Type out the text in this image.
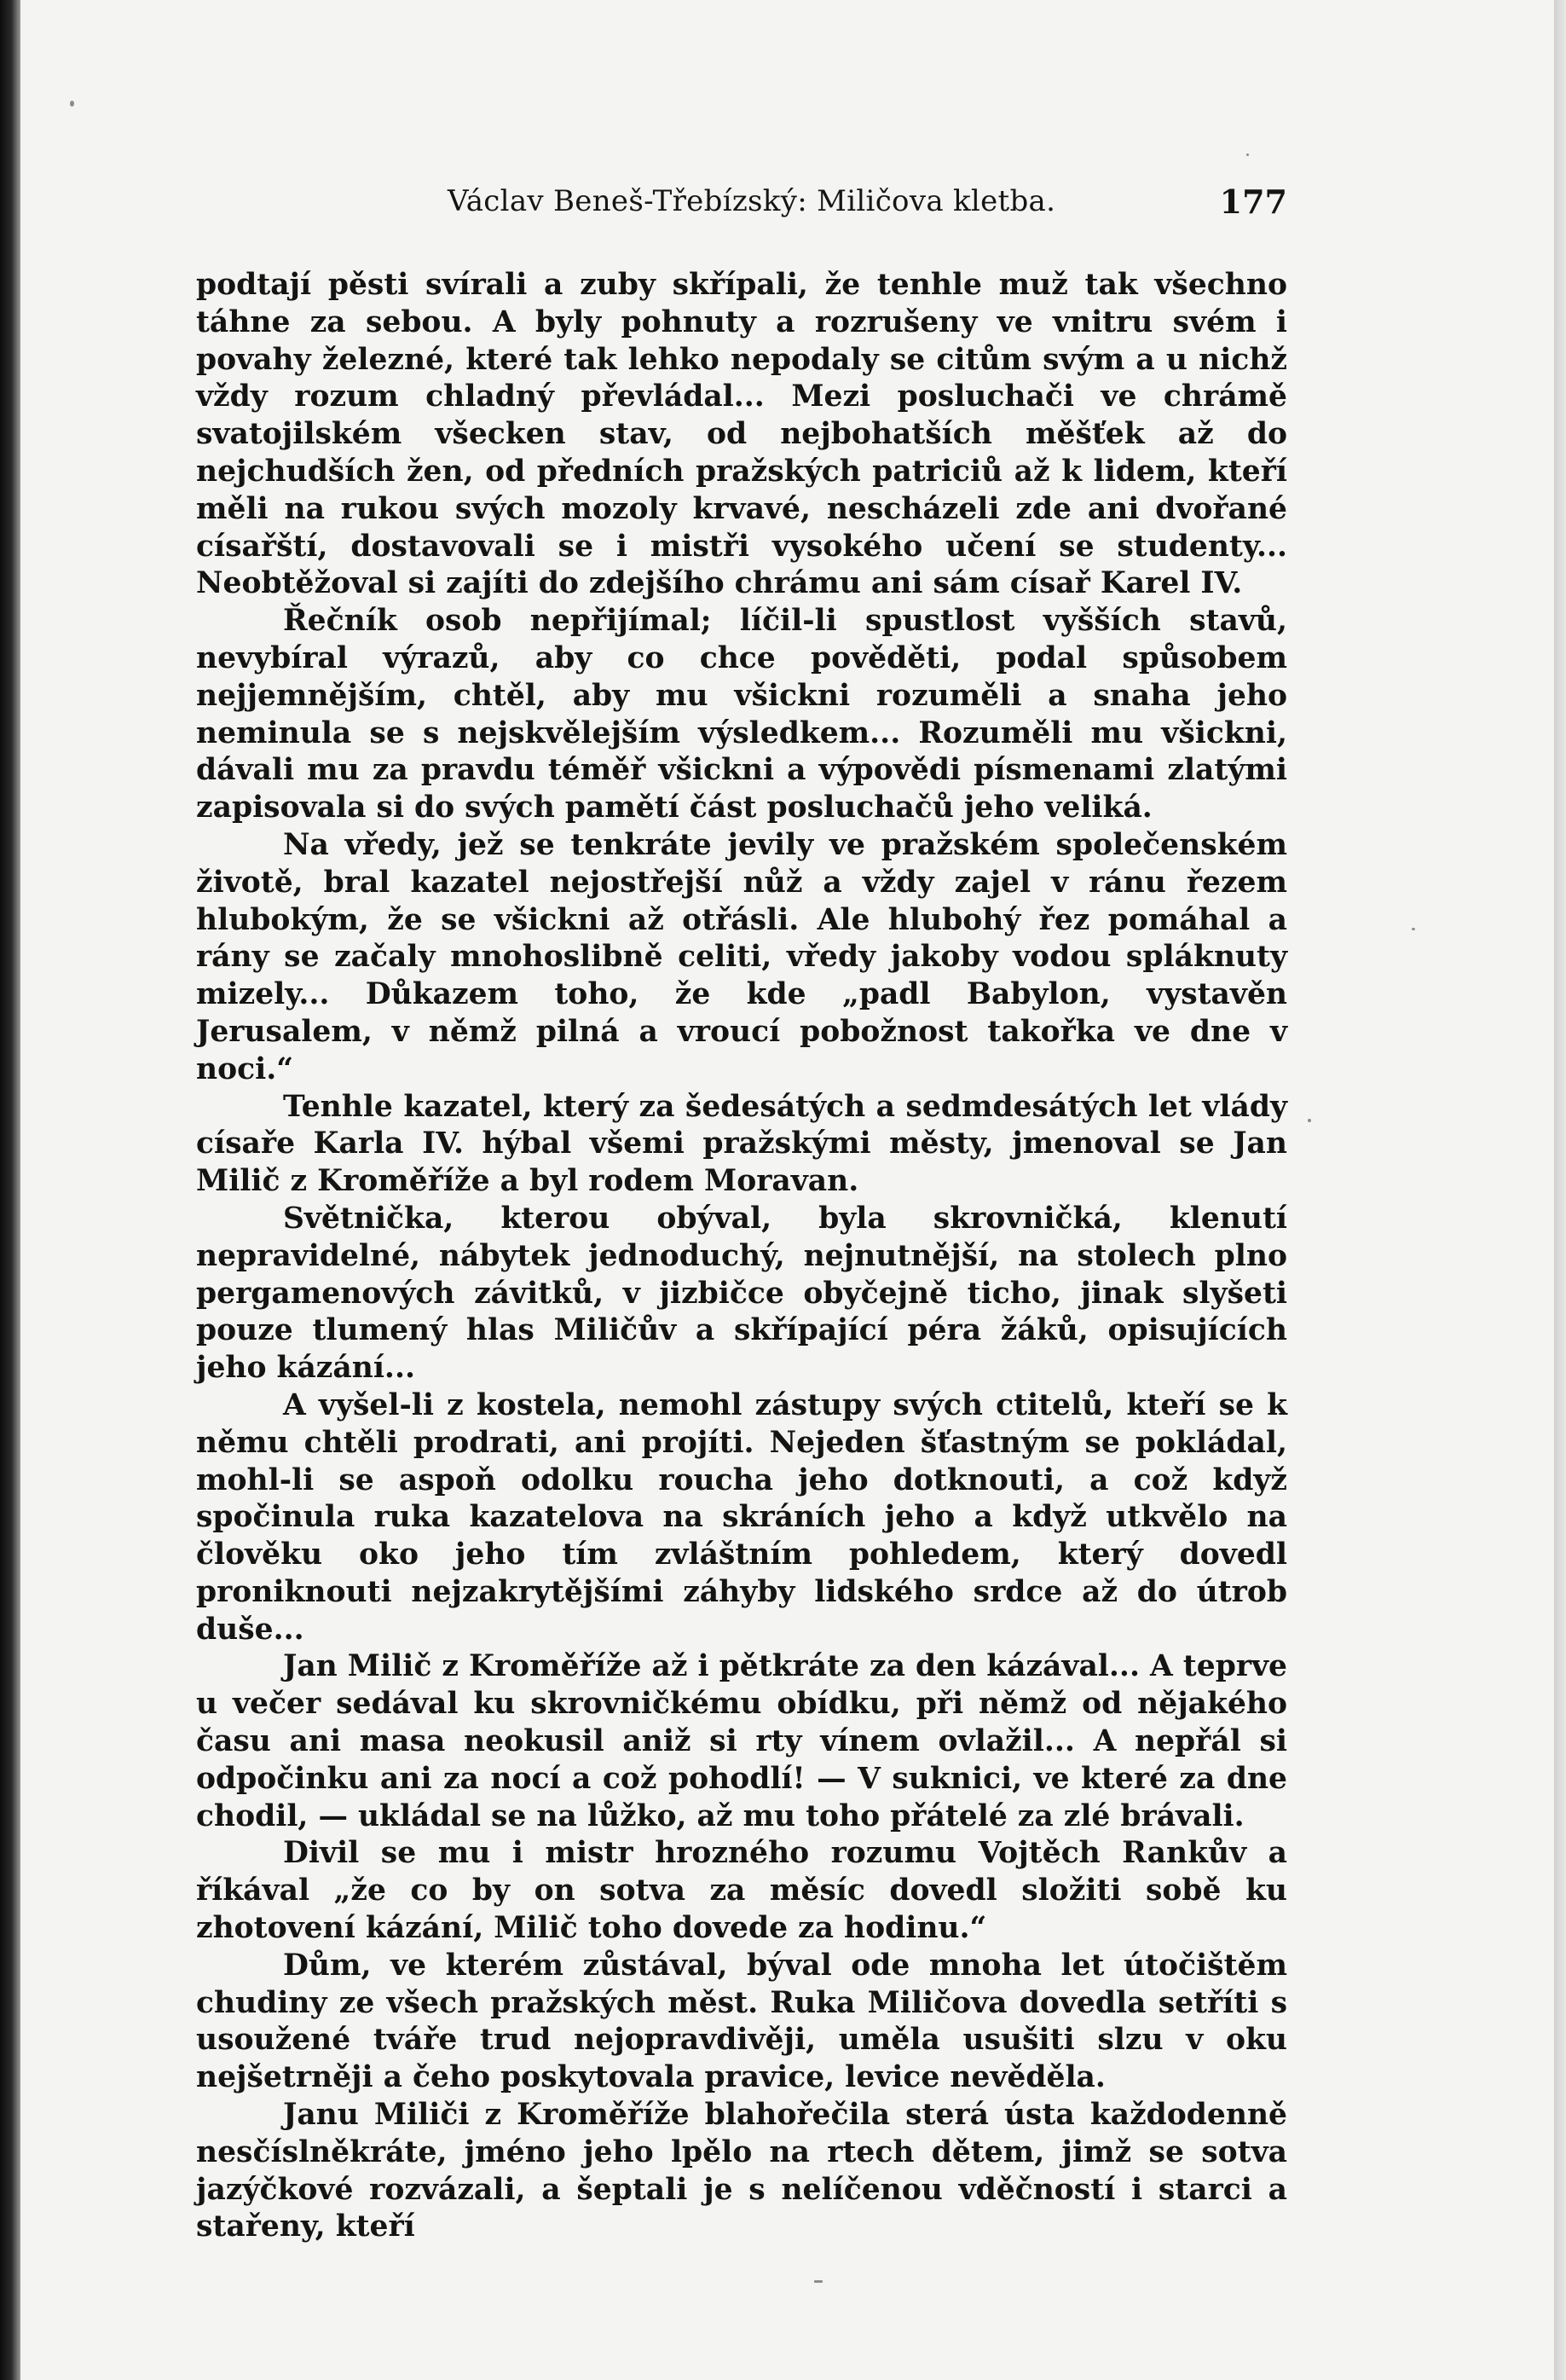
Václav Beneš-Třebízský: Miličova kletba.	177

podtají pěsti svírali a zuby skřípali, že tenhle muž tak všechno táhne za sebou. A byly pohnuty a rozrušeny ve vnitru svém i povahy železné, které tak lehko nepodaly se citům svým a u nichž vždy rozum chladný převládal... Mezi posluchači ve chrámě svatojilském všecken stav, od nejbohatších měšťek až do nejchudších žen, od předních pražských patriciů až k lidem, kteří měli na rukou svých mozoly krvavé, nescházeli zde ani dvořané císařští, dostavovali se i mistři vysokého učení se studenty... Neobtěžoval si zajíti do zdejšího chrámu ani sám císař Karel IV.

Řečník osob nepřijímal; líčil-li spustlost vyšších stavů, nevybíral výrazů, aby co chce pověděti, podal spůsobem nejjemnějším, chtěl, aby mu všickni rozuměli a snaha jeho neminula se s nejskvělejším výsledkem... Rozuměli mu všickni, dávali mu za pravdu téměř všickni a výpovědi písmenami zlatými zapisovala si do svých pamětí část posluchačů jeho veliká.

Na vředy, jež se tenkráte jevily ve pražském společenském životě, bral kazatel nejostřejší nůž a vždy zajel v ránu řezem hlubokým, že se všickni až otřásli. Ale hlubohý řez pomáhal a rány se začaly mnohoslibně celiti, vředy jakoby vodou spláknuty mizely... Důkazem toho, že kde „padl Babylon, vystavěn Jerusalem, v němž pilná a vroucí pobožnost takořka ve dne v noci.“

Tenhle kazatel, který za šedesátých a sedmdesátých let vlády císaře Karla IV. hýbal všemi pražskými městy, jmenoval se Jan Milič z Kroměříže a byl rodem Moravan.

Světnička, kterou obýval, byla skrovničká, klenutí nepravidelné, nábytek jednoduchý, nejnutnější, na stolech plno pergamenových závitků, v jizbičce obyčejně ticho, jinak slyšeti pouze tlumený hlas Miličův a skřípající péra žáků, opisujících jeho kázání...

A vyšel-li z kostela, nemohl zástupy svých ctitelů, kteří se k němu chtěli prodrati, ani projíti. Nejeden šťastným se pokládal, mohl-li se aspoň odolku roucha jeho dotknouti, a což když spočinula ruka kazatelova na skráních jeho a když utkvělo na člověku oko jeho tím zvláštním pohledem, který dovedl proniknouti nejzakrytějšími záhyby lidského srdce až do útrob duše...

Jan Milič z Kroměříže až i pětkráte za den kázával... A teprve u večer sedával ku skrovničkému obídku, při němž od nějakého času ani masa neokusil aniž si rty vínem ovlažil... A nepřál si odpočinku ani za nocí a což pohodlí! — V suknici, ve které za dne chodil, — ukládal se na lůžko, až mu toho přátelé za zlé brávali.

Divil se mu i mistr hrozného rozumu Vojtěch Rankův a říkával „že co by on sotva za měsíc dovedl složiti sobě ku zhotovení kázání, Milič toho dovede za hodinu.“

Dům, ve kterém zůstával, býval ode mnoha let útočištěm chudiny ze všech pražských měst. Ruka Miličova dovedla setříti s usoužené tváře trud nejopravdivěji, uměla usušiti slzu v oku nejšetrněji a čeho poskytovala pravice, levice nevěděla.

Janu Miliči z Kroměříže blahořečila sterá ústa každodenně nesčíslněkráte, jméno jeho lpělo na rtech dětem, jimž se sotva jazýčkové rozvázali, a šeptali je s nelíčenou vděčností i starci a stařeny, kteří
